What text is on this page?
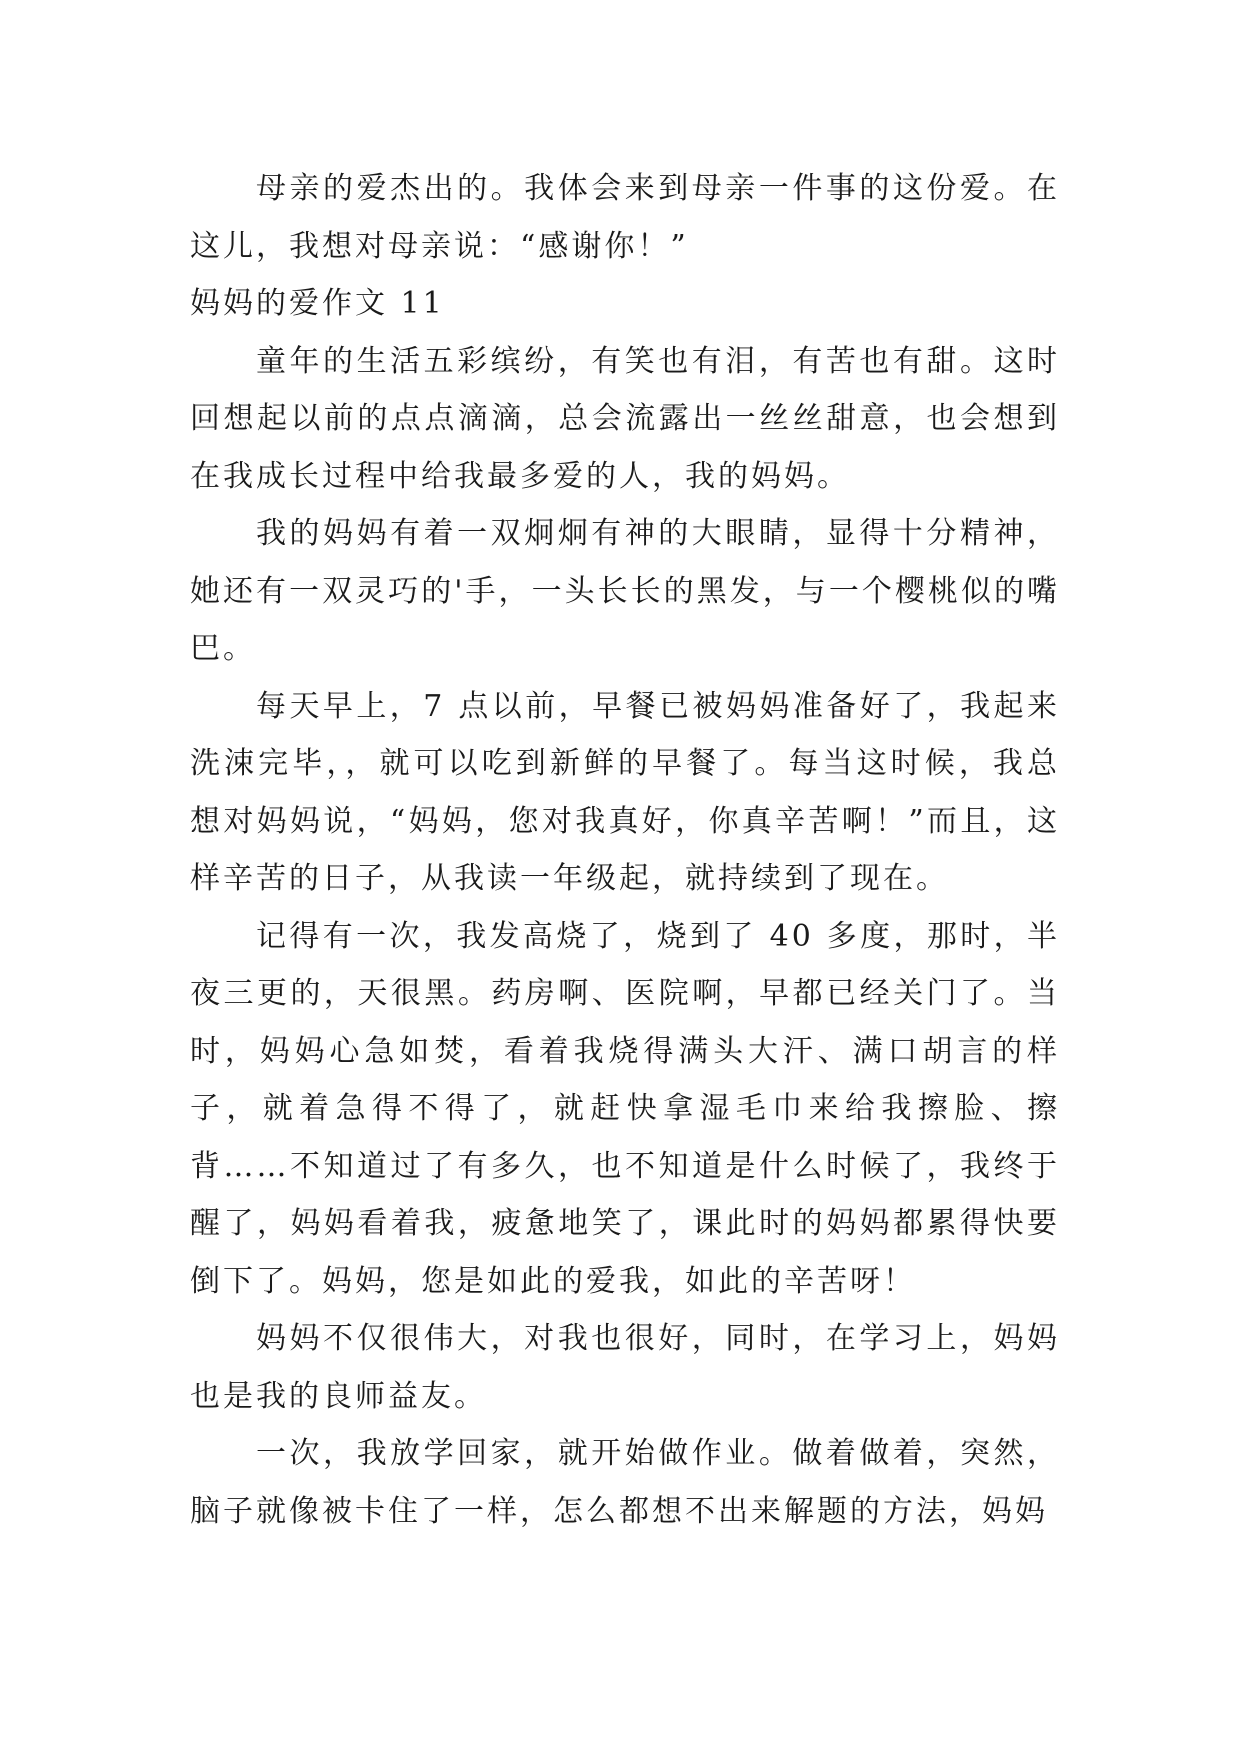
母亲的爱杰出的。我体会来到母亲一件事的这份爱。在这儿，我想对母亲说：“感谢你！”

妈妈的爱作文 11

童年的生活五彩缤纷，有笑也有泪，有苦也有甜。这时回想起以前的点点滴滴，总会流露出一丝丝甜意，也会想到在我成长过程中给我最多爱的人，我的妈妈。

我的妈妈有着一双炯炯有神的大眼睛，显得十分精神，她还有一双灵巧的'手，一头长长的黑发，与一个樱桃似的嘴巴。

每天早上，7 点以前，早餐已被妈妈准备好了，我起来洗涑完毕，，就可以吃到新鲜的早餐了。每当这时候，我总想对妈妈说，“妈妈，您对我真好，你真辛苦啊！”而且，这样辛苦的日子，从我读一年级起，就持续到了现在。

记得有一次，我发高烧了，烧到了 40 多度，那时，半夜三更的，天很黑。药房啊、医院啊，早都已经关门了。当时，妈妈心急如焚，看着我烧得满头大汗、满口胡言的样子，就着急得不得了，就赶快拿湿毛巾来给我擦脸、擦背……不知道过了有多久，也不知道是什么时候了，我终于醒了，妈妈看着我，疲惫地笑了，课此时的妈妈都累得快要倒下了。妈妈，您是如此的爱我，如此的辛苦呀！

妈妈不仅很伟大，对我也很好，同时，在学习上，妈妈也是我的良师益友。

一次，我放学回家，就开始做作业。做着做着，突然，脑子就像被卡住了一样，怎么都想不出来解题的方法，妈妈
